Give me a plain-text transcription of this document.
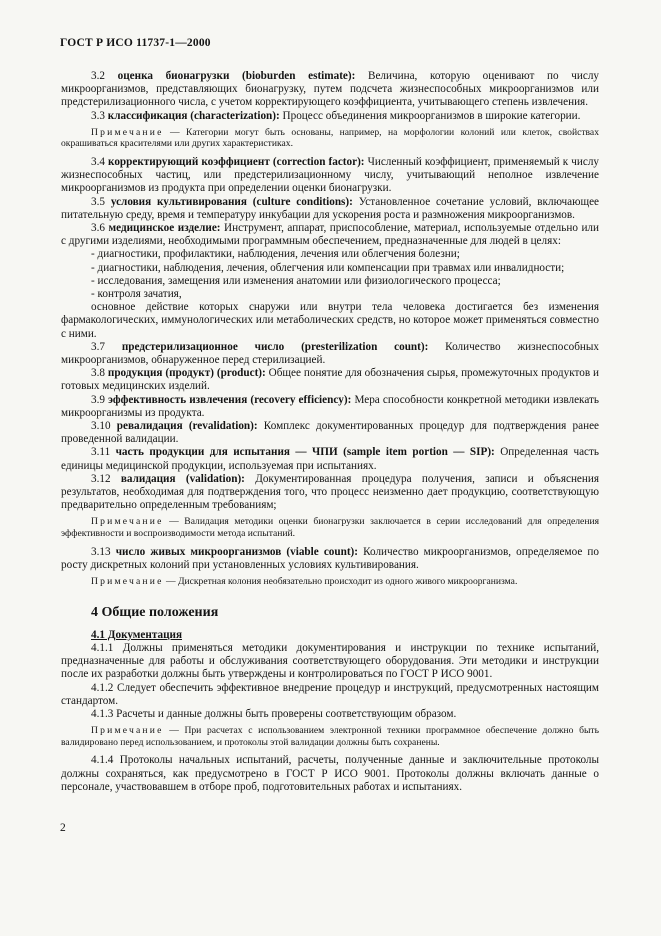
ГОСТ Р ИСО 11737-1—2000

3.2 оценка бионагрузки (bioburden estimate): Величина, которую оценивают по числу микроорганизмов, представляющих бионагрузку, путем подсчета жизнеспособных микроорганизмов или предстерилизационного числа, с учетом корректирующего коэффициента, учитывающего степень извлечения.

3.3 классификация (characterization): Процесс объединения микроорганизмов в широкие категории.

Примечание — Категории могут быть основаны, например, на морфологии колоний или клеток, свойствах окрашиваться красителями или других характеристиках.

3.4 корректирующий коэффициент (correction factor): Численный коэффициент, применяемый к числу жизнеспособных частиц, или предстерилизационному числу, учитывающий неполное извлечение микроорганизмов из продукта при определении оценки бионагрузки.

3.5 условия культивирования (culture conditions): Установленное сочетание условий, включающее питательную среду, время и температуру инкубации для ускорения роста и размножения микроорганизмов.

3.6 медицинское изделие: Инструмент, аппарат, приспособление, материал, используемые отдельно или с другими изделиями, необходимыми программным обеспечением, предназначенные для людей в целях:

- диагностики, профилактики, наблюдения, лечения или облегчения болезни;

- диагностики, наблюдения, лечения, облегчения или компенсации при травмах или инвалидности;

- исследования, замещения или изменения анатомии или физиологического процесса;

- контроля зачатия,

основное действие которых снаружи или внутри тела человека достигается без изменения фармакологических, иммунологических или метаболических средств, но которое может применяться совместно с ними.

3.7 предстерилизационное число (presterilization count): Количество жизнеспособных микроорганизмов, обнаруженное перед стерилизацией.

3.8 продукция (продукт) (product): Общее понятие для обозначения сырья, промежуточных продуктов и готовых медицинских изделий.

3.9 эффективность извлечения (recovery efficiency): Мера способности конкретной методики извлекать микроорганизмы из продукта.

3.10 ревалидация (revalidation): Комплекс документированных процедур для подтверждения ранее проведенной валидации.

3.11 часть продукции для испытания — ЧПИ (sample item portion — SIP): Определенная часть единицы медицинской продукции, используемая при испытаниях.

3.12 валидация (validation): Документированная процедура получения, записи и объяснения результатов, необходимая для подтверждения того, что процесс неизменно дает продукцию, соответствующую предварительно определенным требованиям;

Примечание — Валидация методики оценки бионагрузки заключается в серии исследований для определения эффективности и воспроизводимости метода испытаний.

3.13 число живых микроорганизмов (viable count): Количество микроорганизмов, определяемое по росту дискретных колоний при установленных условиях культивирования.

Примечание — Дискретная колония необязательно происходит из одного живого микроорганизма.

4 Общие положения
4.1 Документация

4.1.1 Должны применяться методики документирования и инструкции по технике испытаний, предназначенные для работы и обслуживания соответствующего оборудования. Эти методики и инструкции после их разработки должны быть утверждены и контролироваться по ГОСТ Р ИСО 9001.

4.1.2 Следует обеспечить эффективное внедрение процедур и инструкций, предусмотренных настоящим стандартом.

4.1.3 Расчеты и данные должны быть проверены соответствующим образом.

Примечание — При расчетах с использованием электронной техники программное обеспечение должно быть валидировано перед использованием, и протоколы этой валидации должны быть сохранены.

4.1.4 Протоколы начальных испытаний, расчеты, полученные данные и заключительные протоколы должны сохраняться, как предусмотрено в ГОСТ Р ИСО 9001. Протоколы должны включать данные о персонале, участвовавшем в отборе проб, подготовительных работах и испытаниях.

2
